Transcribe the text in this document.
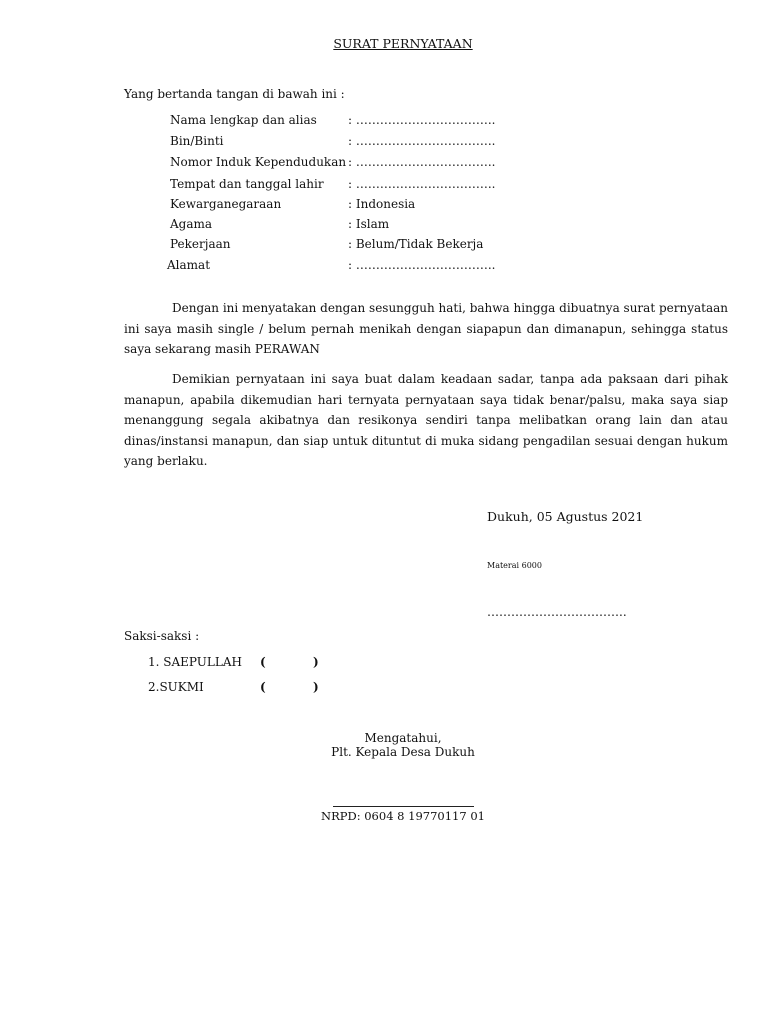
SURAT PERNYATAAN
Yang bertanda tangan di bawah ini :
Nama lengkap dan alias	: ……………………………..
Bin/Binti	: ……………………………..
Nomor Induk Kependudukan : ……………………………..
Tempat dan tanggal lahir : ……………………………..
Kewarganegaraan	: Indonesia
Agama	: Islam
Pekerjaan	: Belum/Tidak Bekerja
Alamat	: ……………………………..
Dengan ini menyatakan dengan sesungguh hati, bahwa hingga dibuatnya surat pernyataan ini saya masih single / belum pernah menikah dengan siapapun dan dimanapun, sehingga status saya sekarang masih PERAWAN
Demikian pernyataan ini saya buat dalam keadaan sadar, tanpa ada paksaan dari pihak manapun, apabila dikemudian hari ternyata pernyataan saya tidak benar/palsu, maka saya siap menanggung segala akibatnya dan resikonya sendiri tanpa melibatkan orang lain dan atau dinas/instansi manapun, dan siap untuk dituntut di muka sidang pengadilan sesuai dengan hukum yang berlaku.
Dukuh, 05 Agustus 2021
Materai 6000
……………………………..
Saksi-saksi :
1. SAEPULLAH (	)
2.SUKMI	(	)
Mengatahui,
Plt. Kepala Desa Dukuh
NRPD: 0604 8 19770117 01
